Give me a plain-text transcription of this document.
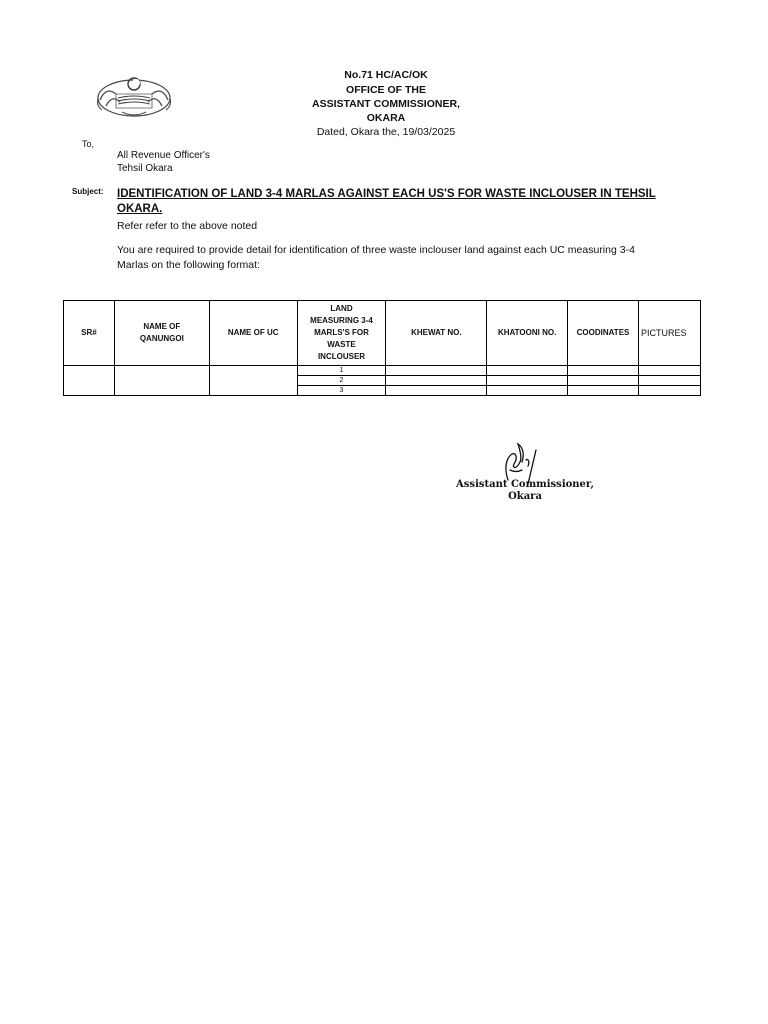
No.71 HC/AC/OK
OFFICE OF THE
ASSISTANT COMMISSIONER,
OKARA
Dated, Okara the, 19/03/2025
To,
All Revenue Officer's
Tehsil Okara
Subject: IDENTIFICATION OF LAND 3-4 MARLAS AGAINST EACH US'S FOR WASTE INCLOUSER IN TEHSIL OKARA.
Refer refer to the above noted
You are required to provide detail for identification of three waste inclouser land against each UC measuring 3-4 Marlas on the following format:
SR#	NAME OF QANUNGOI	NAME OF UC	LAND MEASURING 3-4 MARLS'S FOR WASTE INCLOUSER	KHEWAT NO.	KHATOONI NO.	COODINATES	PICTURES
			1				
			2				
			3				
Assistant Commissioner,
Okara
